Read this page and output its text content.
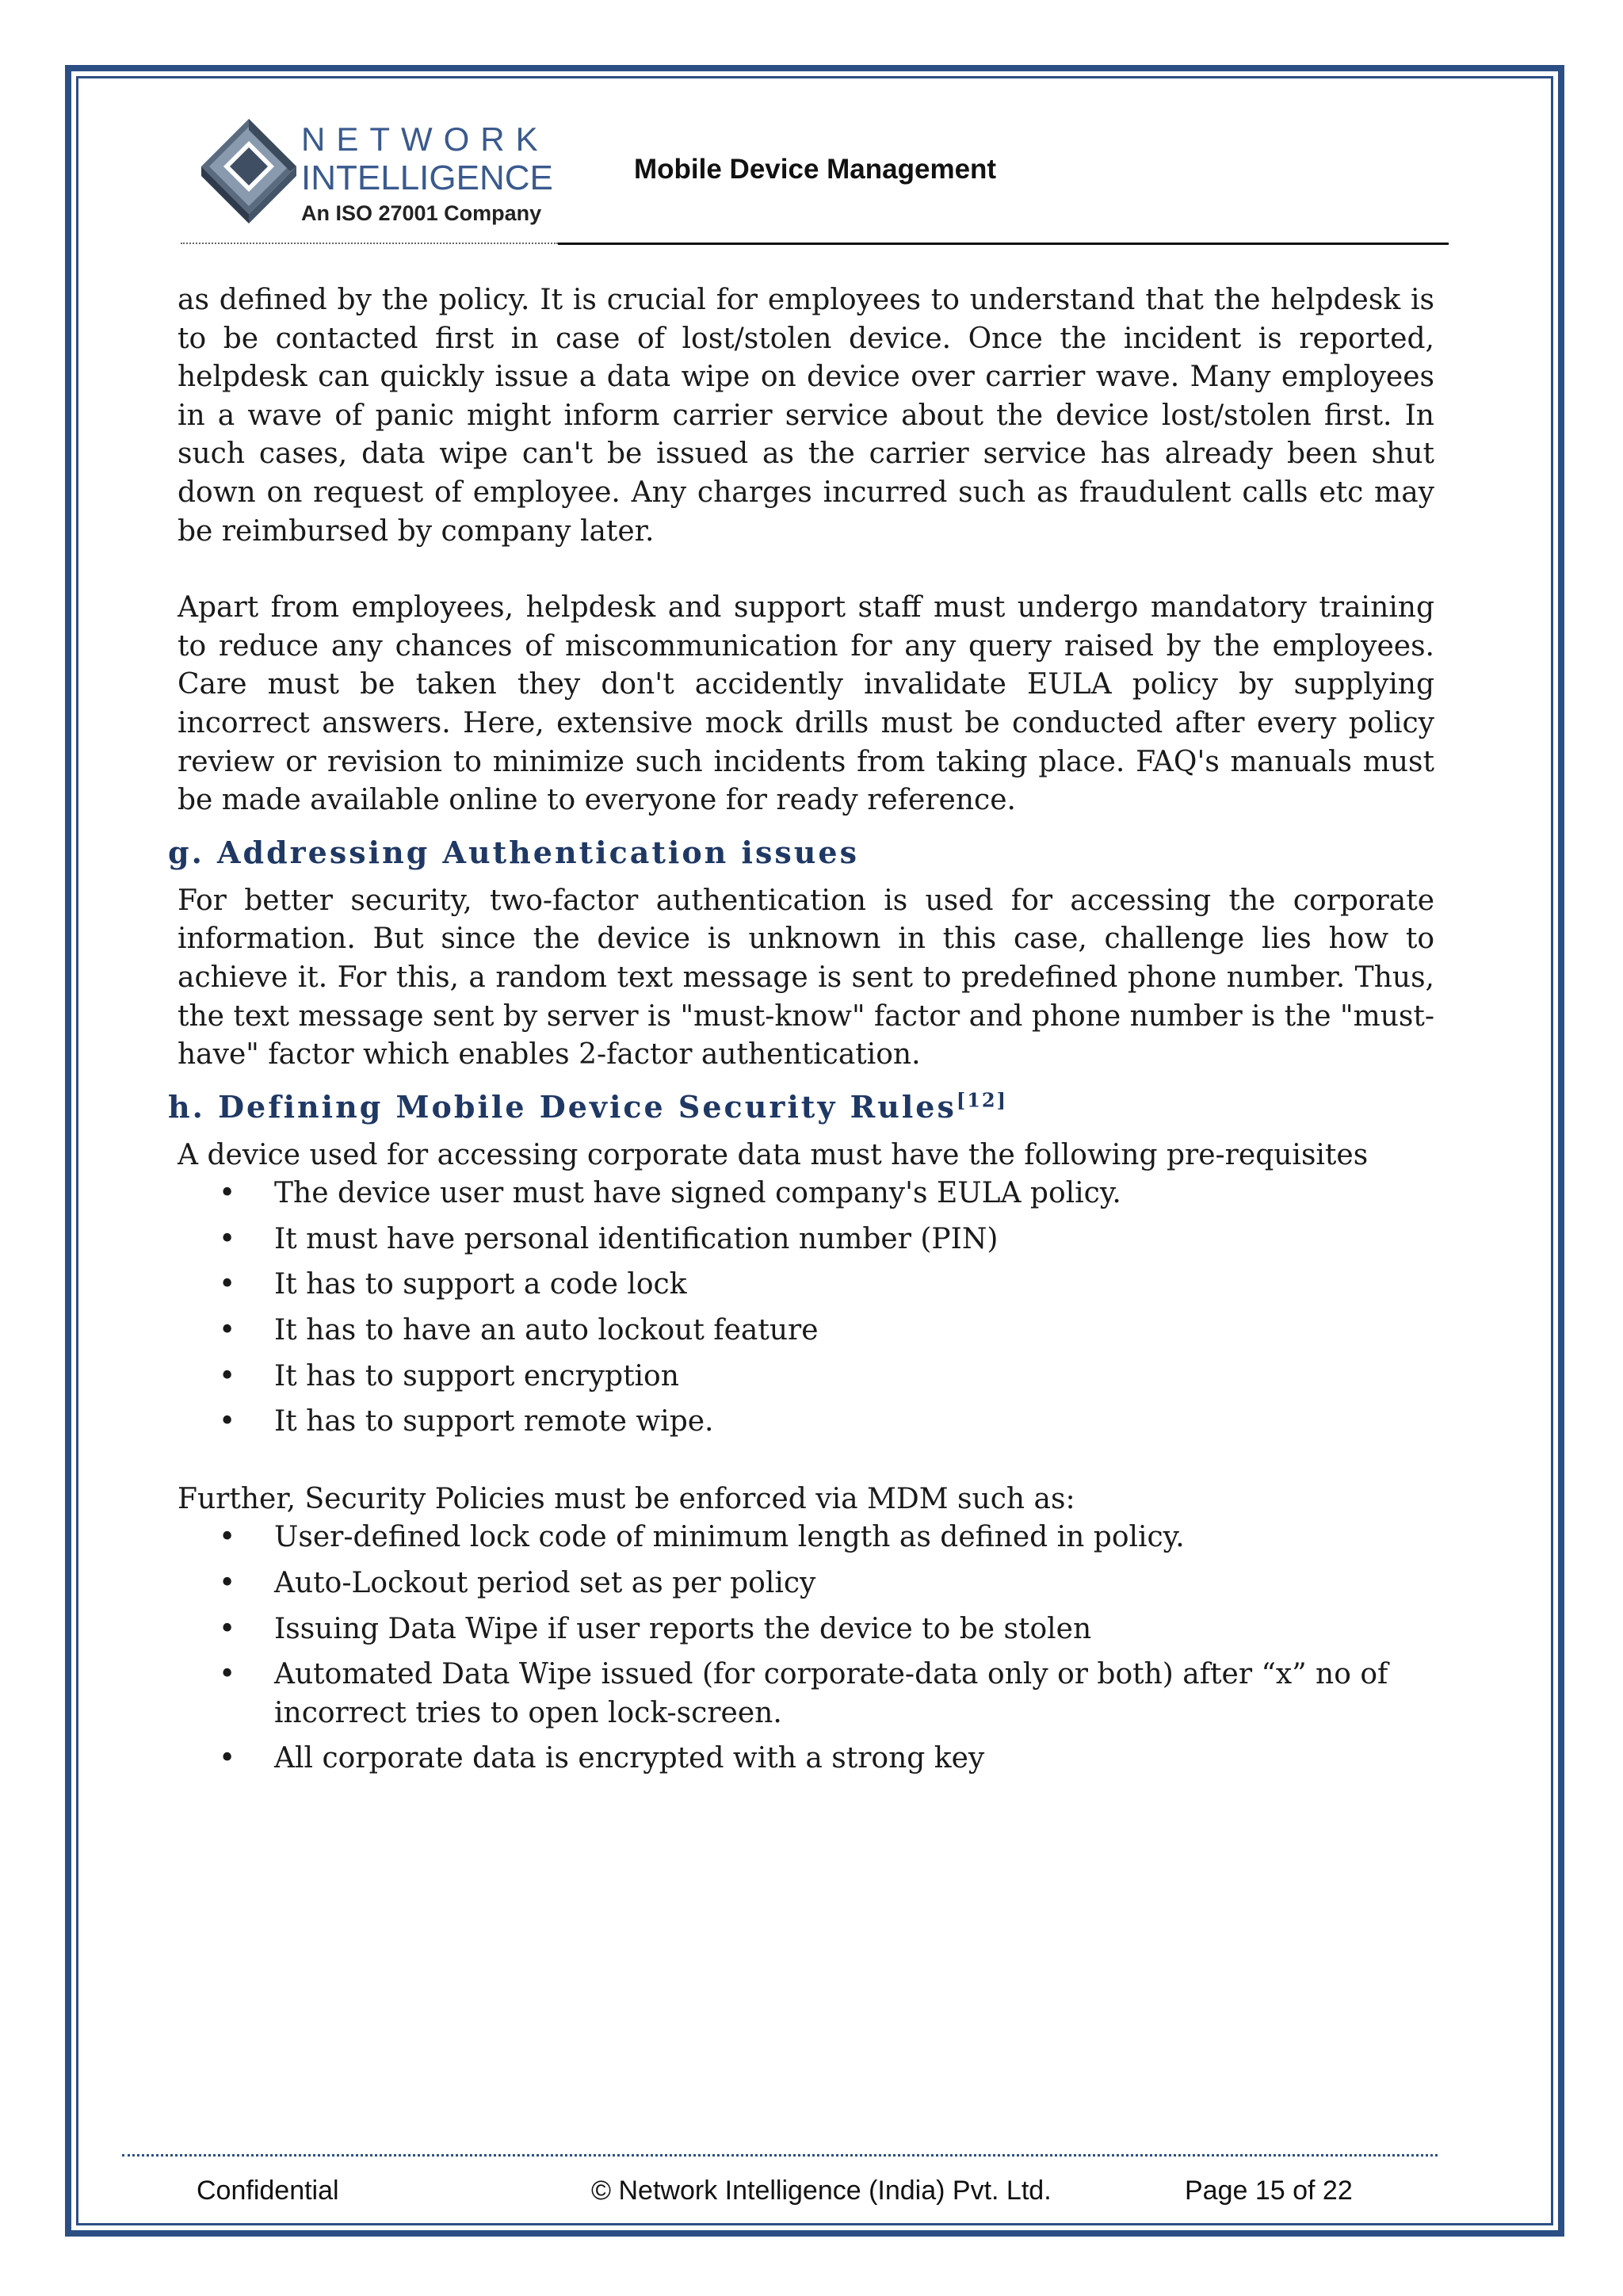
NETWORK
INTELLIGENCE
An ISO 27001 Company
Mobile Device Management

as defined by the policy. It is crucial for employees to understand that the helpdesk is to be contacted first in case of lost/stolen device. Once the incident is reported, helpdesk can quickly issue a data wipe on device over carrier wave. Many employees in a wave of panic might inform carrier service about the device lost/stolen first. In such cases, data wipe can't be issued as the carrier service has already been shut down on request of employee. Any charges incurred such as fraudulent calls etc may be reimbursed by company later.

Apart from employees, helpdesk and support staff must undergo mandatory training to reduce any chances of miscommunication for any query raised by the employees. Care must be taken they don't accidently invalidate EULA policy by supplying incorrect answers. Here, extensive mock drills must be conducted after every policy review or revision to minimize such incidents from taking place. FAQ's manuals must be made available online to everyone for ready reference.

g. Addressing Authentication issues

For better security, two-factor authentication is used for accessing the corporate information. But since the device is unknown in this case, challenge lies how to achieve it. For this, a random text message is sent to predefined phone number. Thus, the text message sent by server is "must-know" factor and phone number is the "must-have" factor which enables 2-factor authentication.

h. Defining Mobile Device Security Rules[12]

A device used for accessing corporate data must have the following pre-requisites

• The device user must have signed company's EULA policy.
• It must have personal identification number (PIN)
• It has to support a code lock
• It has to have an auto lockout feature
• It has to support encryption
• It has to support remote wipe.

Further, Security Policies must be enforced via MDM such as:

• User-defined lock code of minimum length as defined in policy.
• Auto-Lockout period set as per policy
• Issuing Data Wipe if user reports the device to be stolen
• Automated Data Wipe issued (for corporate-data only or both) after “x” no of incorrect tries to open lock-screen.
• All corporate data is encrypted with a strong key
Confidential	© Network Intelligence (India) Pvt. Ltd.	Page 15 of 22
